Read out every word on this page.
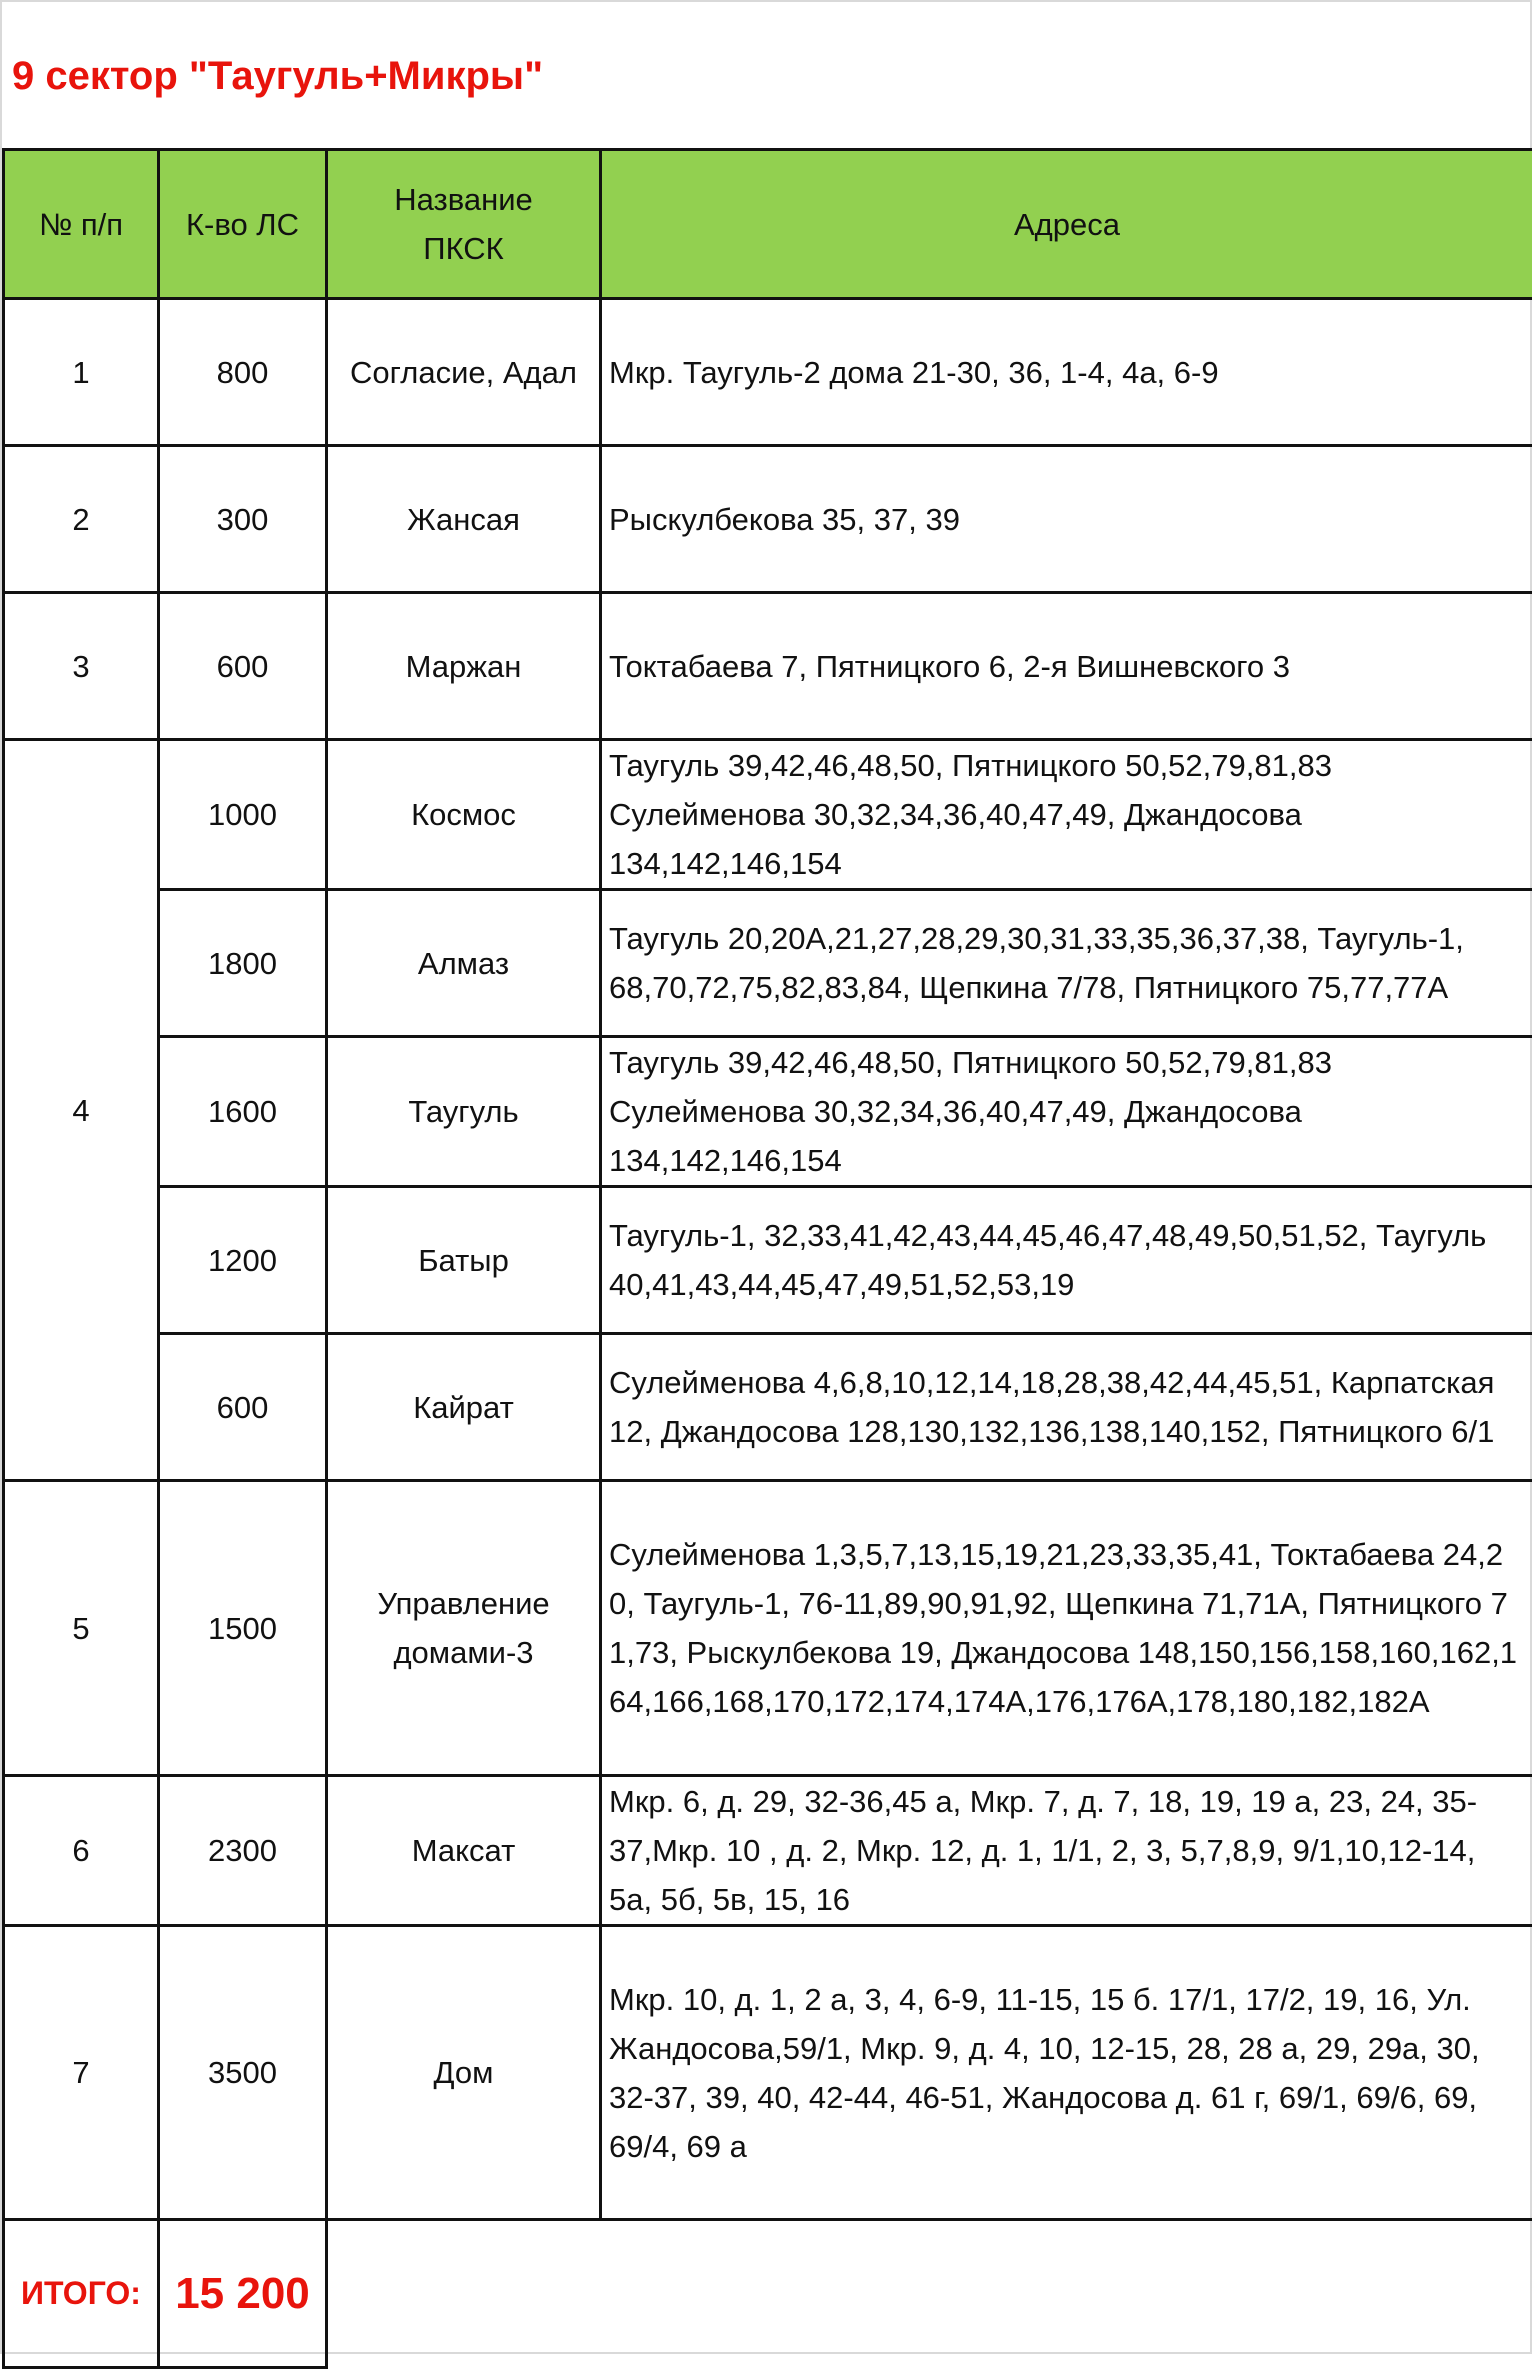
9 сектор "Таугуль+Микры"
№ п/п	К-во ЛС	Название ПКСК	Адреса
1	800	Согласие, Адал	Мкр. Таугуль-2 дома 21-30, 36, 1-4, 4а, 6-9
2	300	Жансая	Рыскулбекова 35, 37, 39
3	600	Маржан	Токтабаева 7, Пятницкого 6, 2-я Вишневского 3
4	1000	Космос	Таугуль 39,42,46,48,50, Пятницкого 50,52,79,81,83 Сулейменова 30,32,34,36,40,47,49, Джандосова 134,142,146,154
	1800	Алмаз	Таугуль 20,20А,21,27,28,29,30,31,33,35,36,37,38, Таугуль-1, 68,70,72,75,82,83,84, Щепкина 7/78, Пятницкого 75,77,77А
	1600	Таугуль	Таугуль 39,42,46,48,50, Пятницкого 50,52,79,81,83 Сулейменова 30,32,34,36,40,47,49, Джандосова 134,142,146,154
	1200	Батыр	Таугуль-1, 32,33,41,42,43,44,45,46,47,48,49,50,51,52, Таугуль 40,41,43,44,45,47,49,51,52,53,19
	600	Кайрат	Сулейменова 4,6,8,10,12,14,18,28,38,42,44,45,51, Карпатская 12, Джандосова 128,130,132,136,138,140,152, Пятницкого 6/1
5	1500	Управление домами-3	Сулейменова 1,3,5,7,13,15,19,21,23,33,35,41, Токтабаева 24,20, Таугуль-1, 76-11,89,90,91,92, Щепкина 71,71А, Пятницкого 71,73, Рыскулбекова 19, Джандосова 148,150,156,158,160,162,164,166,168,170,172,174,174А,176,176А,178,180,182,182А
6	2300	Максат	Мкр. 6, д. 29, 32-36,45 а, Мкр. 7, д. 7, 18, 19, 19 а, 23, 24, 35-37,Мкр. 10 , д. 2, Мкр. 12, д. 1, 1/1, 2, 3, 5,7,8,9, 9/1,10,12-14, 5а, 5б, 5в, 15, 16
7	3500	Дом	Мкр. 10, д. 1, 2 а, 3, 4, 6-9, 11-15, 15 б. 17/1, 17/2, 19, 16, Ул. Жандосова,59/1, Мкр. 9, д. 4, 10, 12-15, 28, 28 а, 29, 29а, 30, 32-37, 39, 40, 42-44, 46-51, Жандосова д. 61 г, 69/1, 69/6, 69, 69/4, 69 а
ИТОГО:	15 200		
